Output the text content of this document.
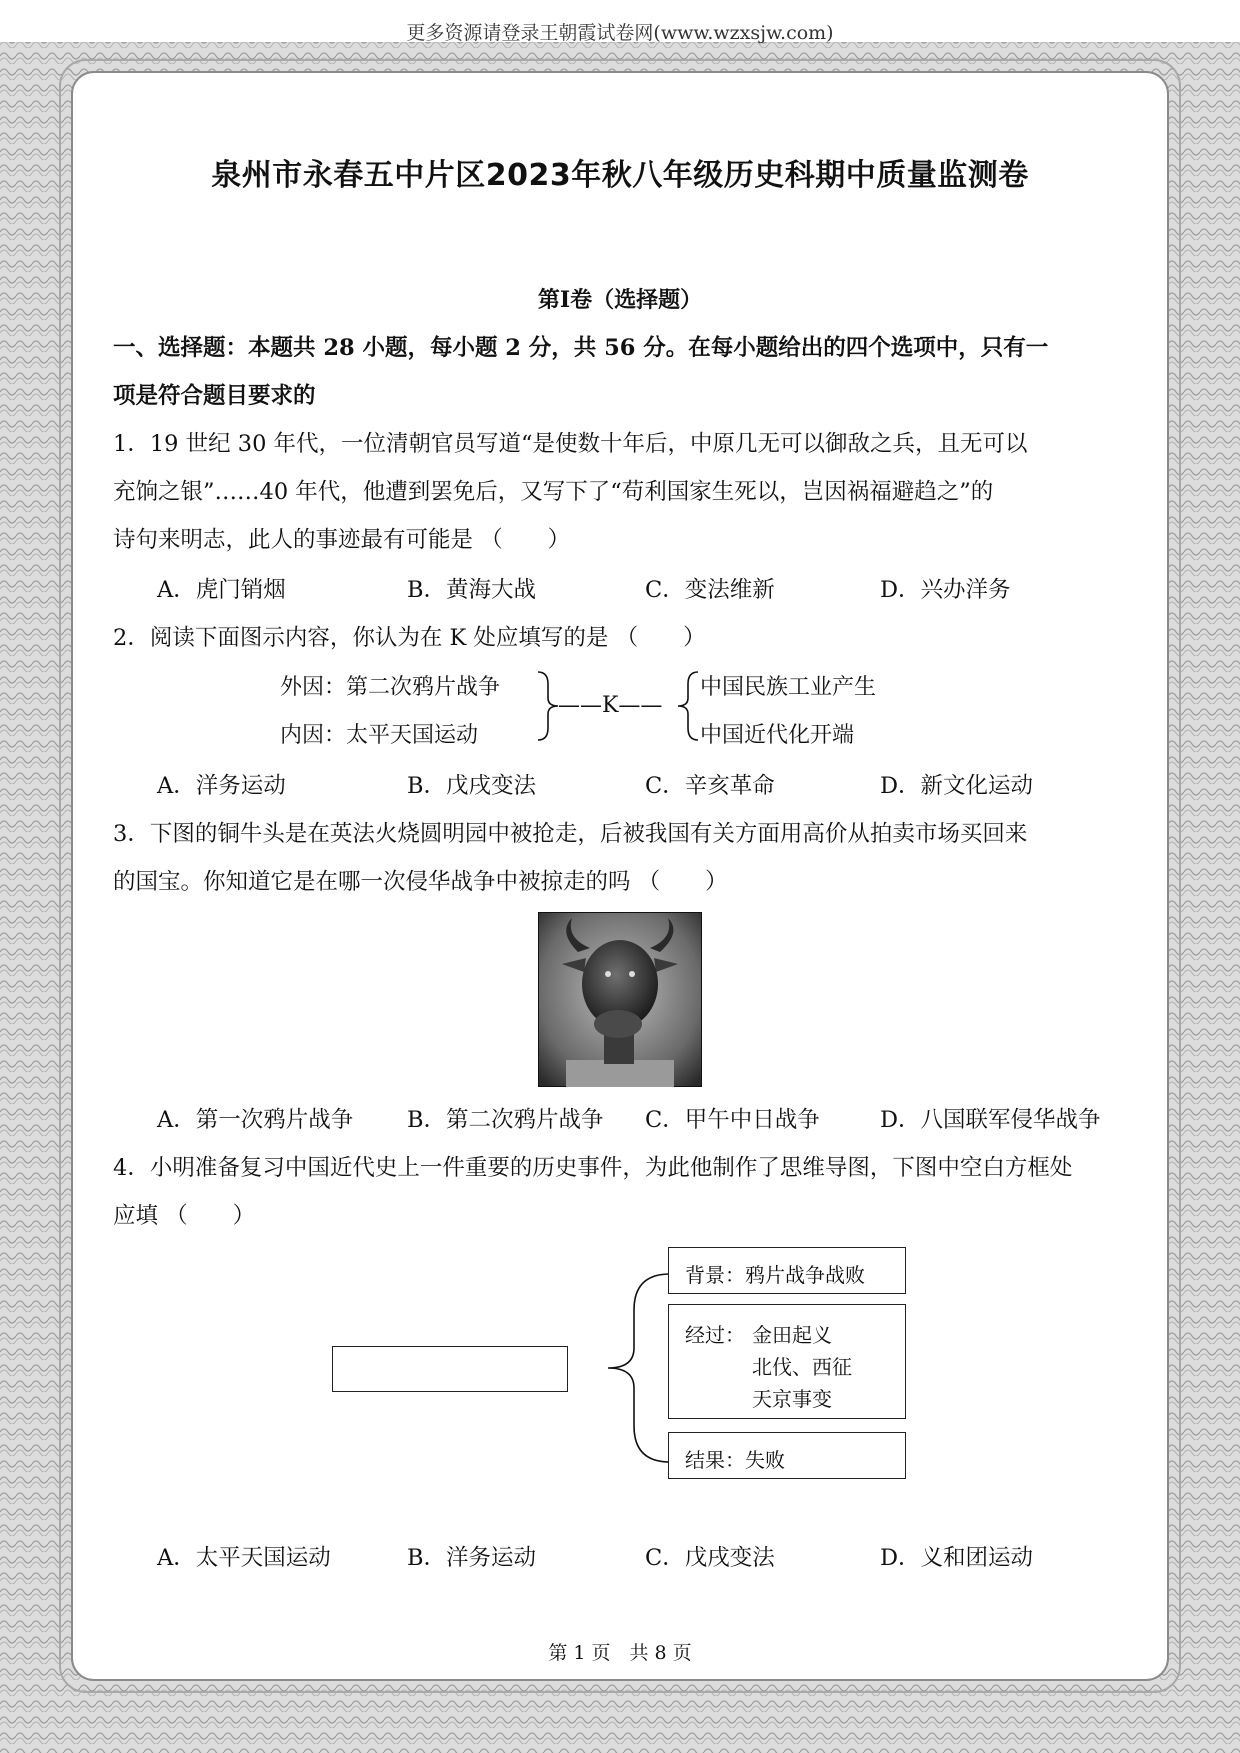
更多资源请登录王朝霞试卷网(www.wzxsjw.com)
泉州市永春五中片区2023年秋八年级历史科期中质量监测卷
第Ⅰ卷（选择题）
一、选择题：本题共 28 小题，每小题 2 分，共 56 分。在每小题给出的四个选项中，只有一
项是符合题目要求的
1．19 世纪 30 年代，一位清朝官员写道“是使数十年后，中原几无可以御敌之兵，且无可以
充饷之银”……40 年代，他遭到罢免后，又写下了“苟利国家生死以，岂因祸福避趋之”的
诗句来明志，此人的事迹最有可能是 （　　）
A．虎门销烟	B．黄海大战	C．变法维新	D．兴办洋务
2．阅读下面图示内容，你认为在 K 处应填写的是 （　　）
外因：第二次鸦片战争
内因：太平天国运动
——K——
中国民族工业产生
中国近代化开端
A．洋务运动	B．戊戌变法	C．辛亥革命	D．新文化运动
3．下图的铜牛头是在英法火烧圆明园中被抢走，后被我国有关方面用高价从拍卖市场买回来
的国宝。你知道它是在哪一次侵华战争中被掠走的吗 （　　）
A．第一次鸦片战争 B．第二次鸦片战争 C．甲午中日战争	D．八国联军侵华战争
4．小明准备复习中国近代史上一件重要的历史事件，为此他制作了思维导图，下图中空白方框处
应填 （　　）
背景：鸦片战争战败
经过： 金田起义
北伐、西征
天京事变
结果：失败
A．太平天国运动	B．洋务运动	C．戊戌变法	D．义和团运动
第 1 页　共 8 页
